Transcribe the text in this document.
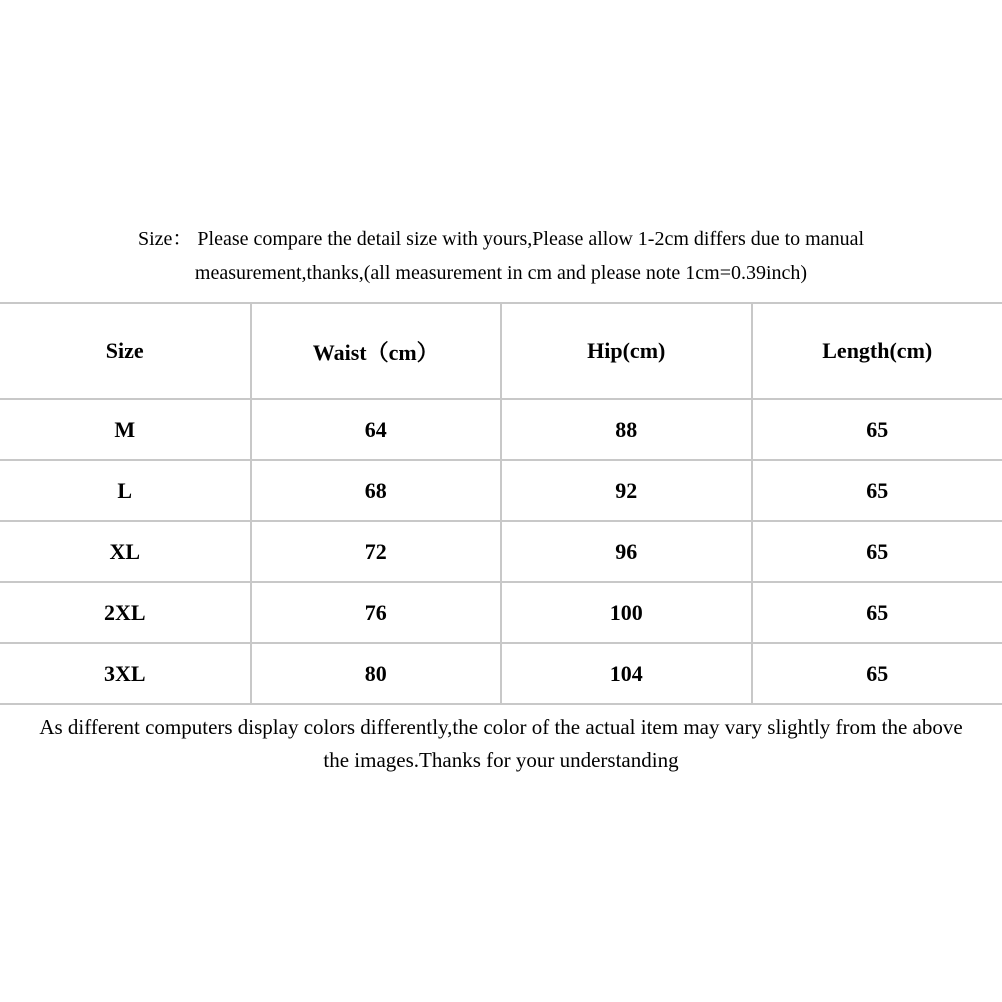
Size： Please compare the detail size with yours,Please allow 1-2cm differs due to manual
measurement,thanks,(all measurement in cm and please note 1cm=0.39inch)
Size	Waist（cm）	Hip(cm)	Length(cm)
M	64	88	65
L	68	92	65
XL	72	96	65
2XL	76	100	65
3XL	80	104	65
As different computers display colors differently,the color of the actual item may vary slightly from the above
the images.Thanks for your understanding
